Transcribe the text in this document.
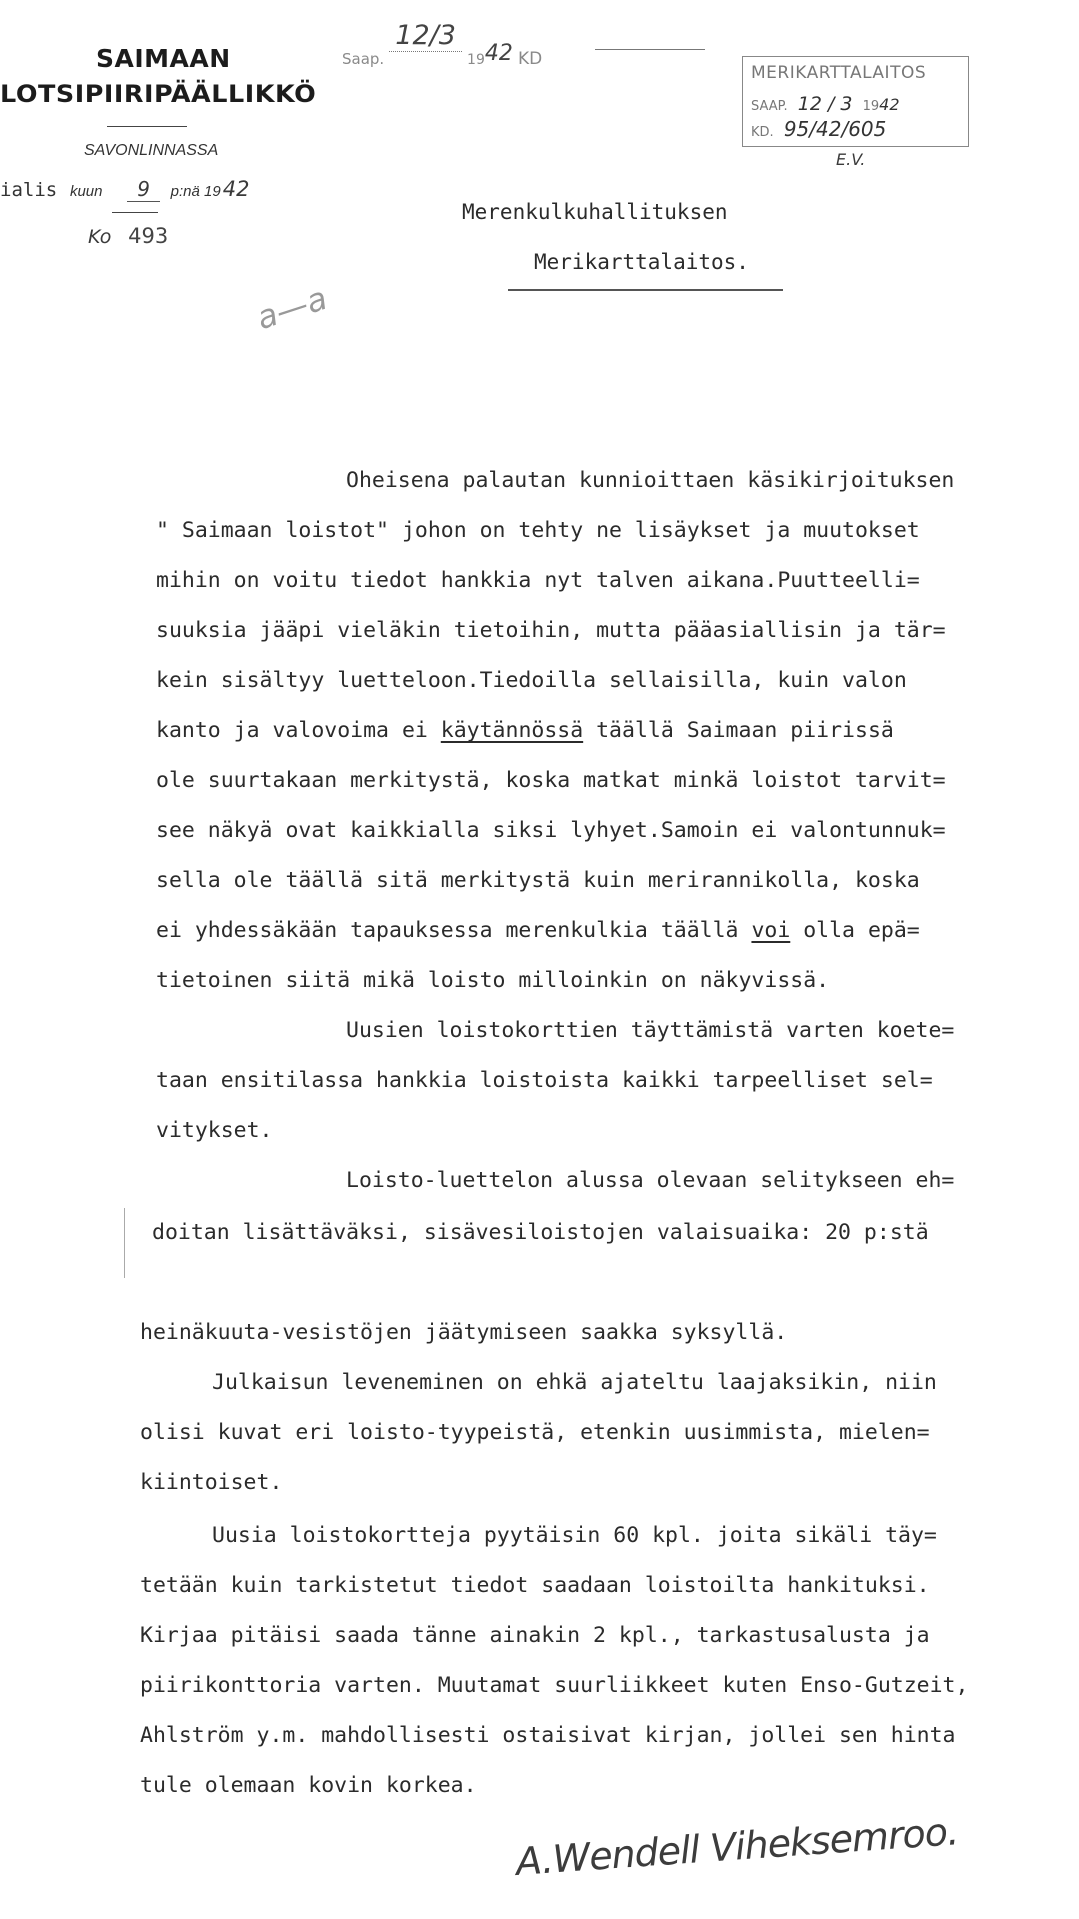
SAIMAAN
LOTSIPIIRIPÄÄLLIKKÖ
SAVONLINNASSA
ialis kuun 9 p:nä 1942
Ko 493
Saap. 12/3 1942 KD
MERIKARTTALAITOS
SAAP. 12 / 3 1942
KD. 95/42/605
E.V.
Merenkulkuhallituksen
Merikarttalaitos.
a—a
Oheisena palautan kunnioittaen käsikirjoituksen
" Saimaan loistot" johon on tehty ne lisäykset ja muutokset
mihin on voitu tiedot hankkia nyt talven aikana.Puutteelli=
suuksia jääpi vieläkin tietoihin, mutta pääasiallisin ja tär=
kein sisältyy luetteloon.Tiedoilla sellaisilla, kuin valon
kanto ja valovoima ei käytännössä täällä Saimaan piirissä
ole suurtakaan merkitystä, koska matkat minkä loistot tarvit=
see näkyä ovat kaikkialla siksi lyhyet.Samoin ei valontunnuk=
sella ole täällä sitä merkitystä kuin merirannikolla, koska
ei yhdessäkään tapauksessa merenkulkia täällä voi olla epä=
tietoinen siitä mikä loisto milloinkin on näkyvissä.
Uusien loistokorttien täyttämistä varten koete=
taan ensitilassa hankkia loistoista kaikki tarpeelliset sel=
vitykset.
Loisto-luettelon alussa olevaan selitykseen eh=
doitan lisättäväksi, sisävesiloistojen valaisuaika: 20 p:stä
heinäkuuta-vesistöjen jäätymiseen saakka syksyllä.
Julkaisun leveneminen on ehkä ajateltu laajaksikin, niin
olisi kuvat eri loisto-tyypeistä, etenkin uusimmista, mielen=
kiintoiset.
Uusia loistokortteja pyytäisin 60 kpl. joita sikäli täy=
tetään kuin tarkistetut tiedot saadaan loistoilta hankituksi.
Kirjaa pitäisi saada tänne ainakin 2 kpl., tarkastusalusta ja
piirikonttoria varten. Muutamat suurliikkeet kuten Enso-Gutzeit,
Ahlström y.m. mahdollisesti ostaisivat kirjan, jollei sen hinta
tule olemaan kovin korkea.
A.Wendell Viheksemroo.
